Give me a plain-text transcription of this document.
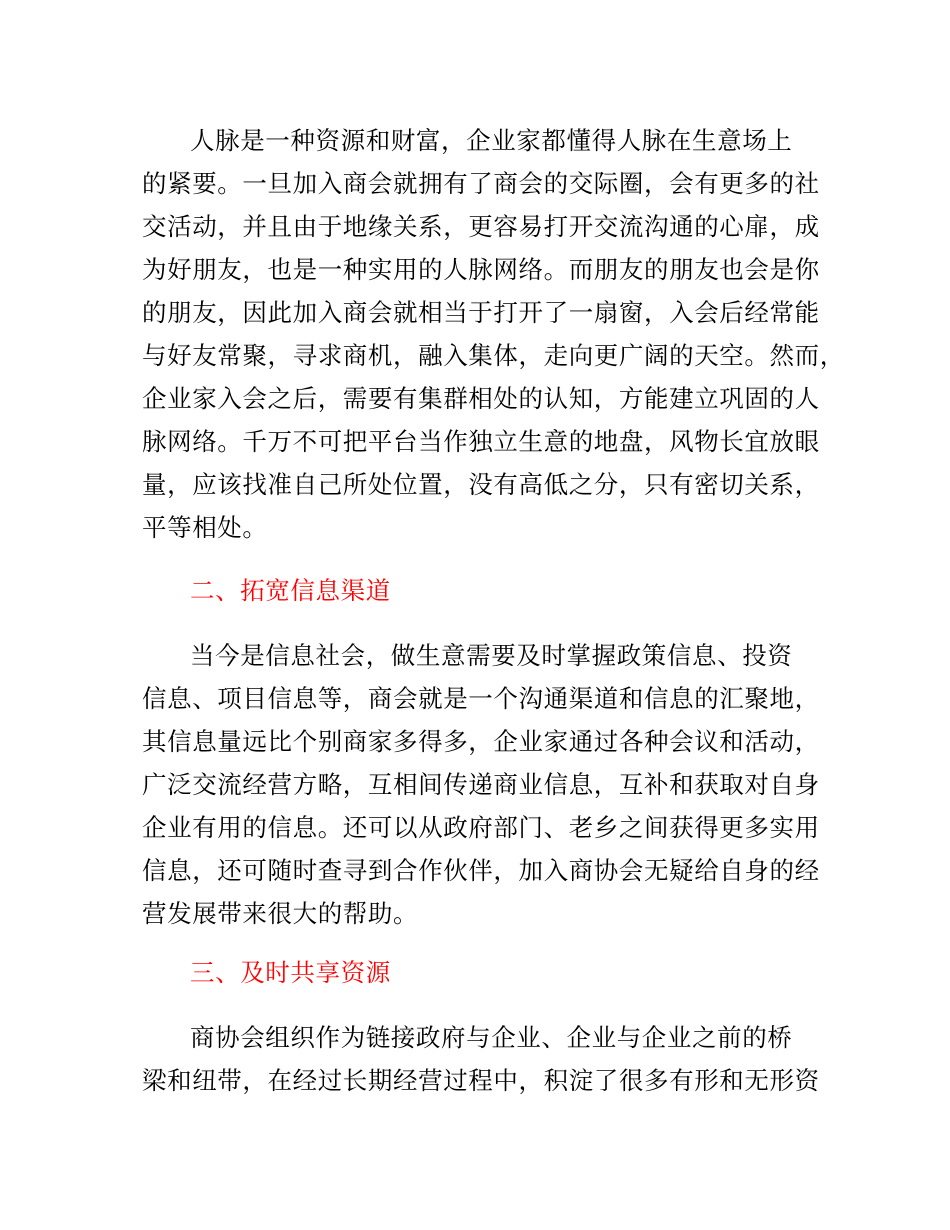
人脉是一种资源和财富，企业家都懂得人脉在生意场上
的紧要。一旦加入商会就拥有了商会的交际圈，会有更多的社
交活动，并且由于地缘关系，更容易打开交流沟通的心扉，成
为好朋友，也是一种实用的人脉网络。而朋友的朋友也会是你
的朋友，因此加入商会就相当于打开了一扇窗，入会后经常能
与好友常聚，寻求商机，融入集体，走向更广阔的天空。然而，
企业家入会之后，需要有集群相处的认知，方能建立巩固的人
脉网络。千万不可把平台当作独立生意的地盘，风物长宜放眼
量，应该找准自己所处位置，没有高低之分，只有密切关系，
平等相处。
二、拓宽信息渠道
当今是信息社会，做生意需要及时掌握政策信息、投资
信息、项目信息等，商会就是一个沟通渠道和信息的汇聚地，
其信息量远比个别商家多得多，企业家通过各种会议和活动，
广泛交流经营方略，互相间传递商业信息，互补和获取对自身
企业有用的信息。还可以从政府部门、老乡之间获得更多实用
信息，还可随时查寻到合作伙伴，加入商协会无疑给自身的经
营发展带来很大的帮助。
三、及时共享资源
商协会组织作为链接政府与企业、企业与企业之前的桥
梁和纽带，在经过长期经营过程中，积淀了很多有形和无形资
